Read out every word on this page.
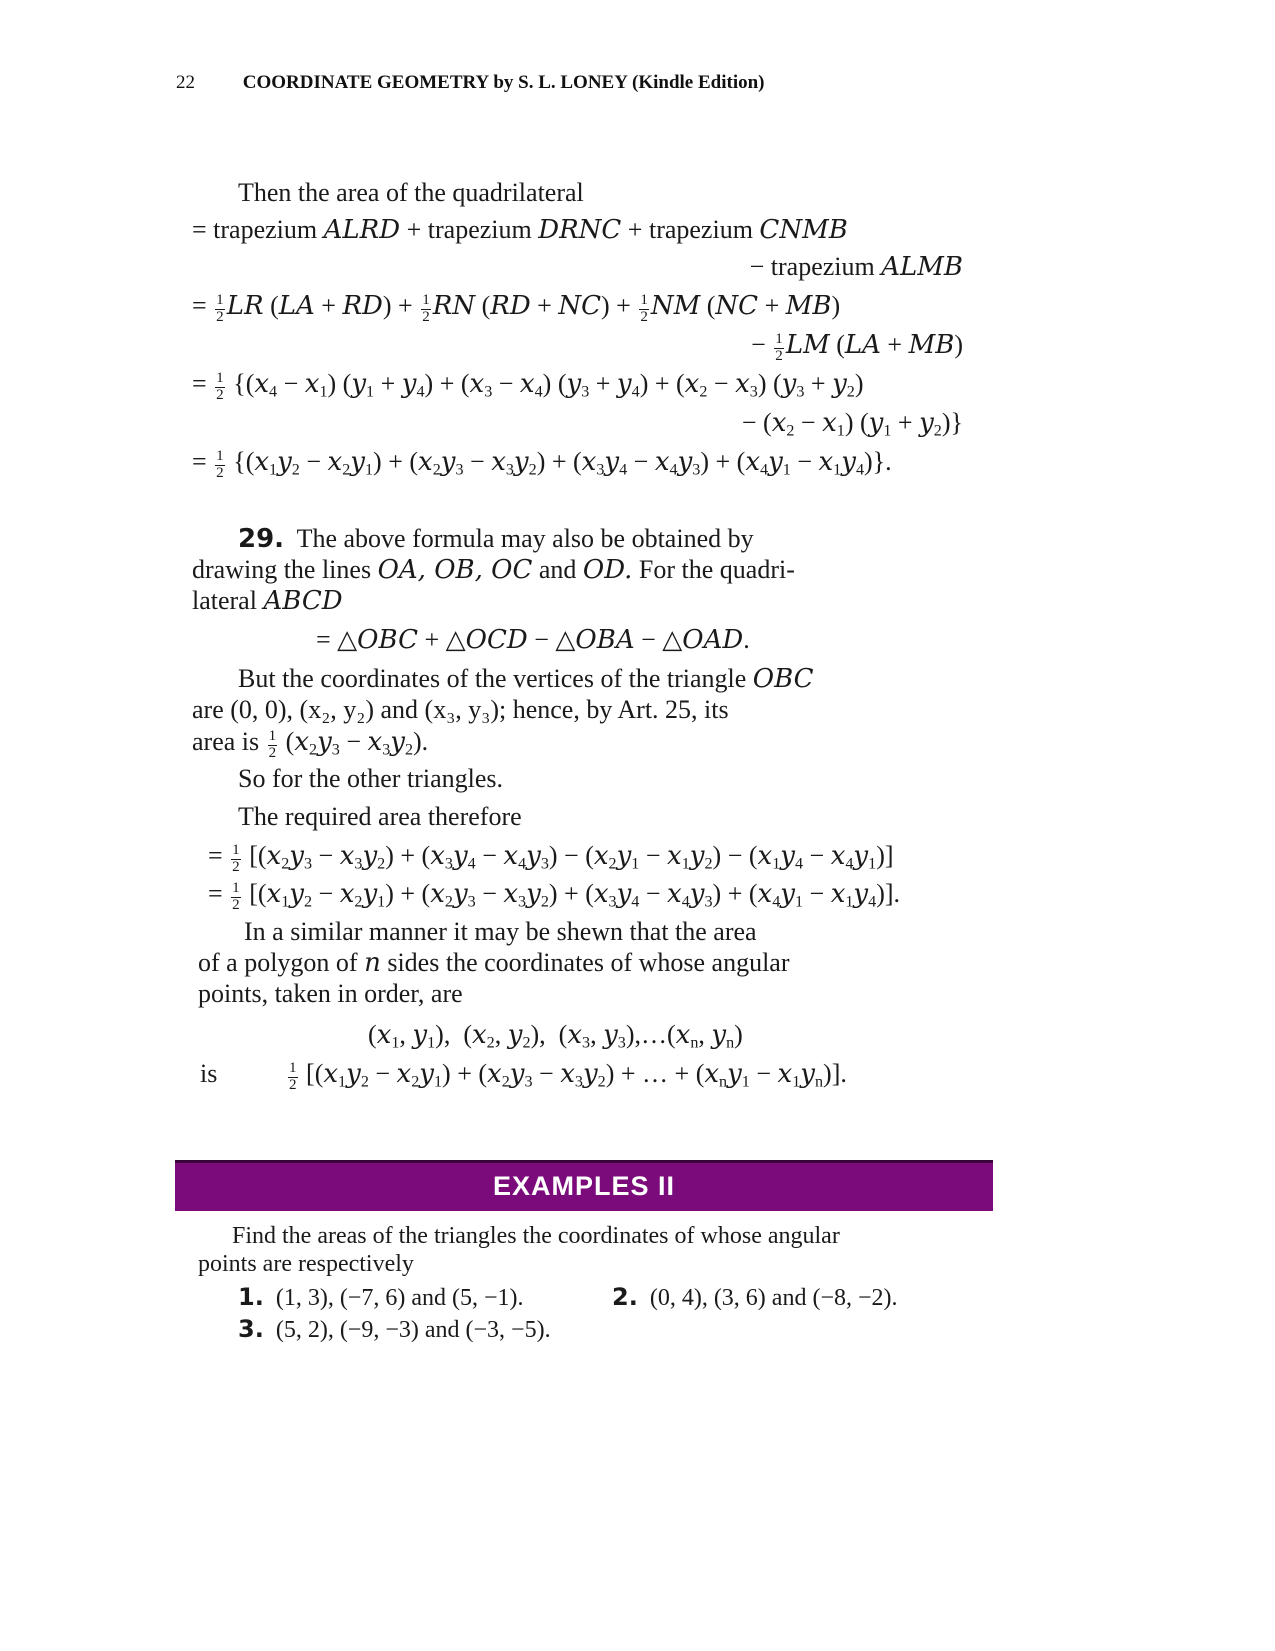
22	COORDINATE GEOMETRY by S. L. LONEY (Kindle Edition)
Then the area of the quadrilateral
= trapezium ALRD + trapezium DRNC + trapezium CNMB
− trapezium ALMB
= $\frac{1}{2}$ LR $(LA + RD) + \frac{1}{2}$ RN $(RD + NC) + \frac{1}{2}$ NM (NC + MB)
− $\frac{1}{2}$ LM (LA + MB)
= $\frac{1}{2} \{(x_4 - x_1) (y_1 + y_4) + (x_3 - x_4) (y_3 + y_4) + (x_2 - x_3) (y_3 + y_2)$
− $(x_2 - x_1) (y_1 + y_2)$}
= $\frac{1}{2} \{(x_1y_2 - x_2y_1) + (x_2y_3 - x_3y_2) + (x_3y_4 - x_4y_3) + (x_4y_1 - x_1y_4)\}$.
29. The above formula may also be obtained by
drawing the lines OA, OB, OC and OD. For the quadri-
lateral ABCD
= △OBC + △OCD − △OBA − △OAD.
But the coordinates of the vertices of the triangle OBC
are (0, 0), (x₂, y₂) and (x₃, y₃); hence, by Art. 25, its
area is $\frac{1}{2} (x_2y_3 - x_3y_2)$.
So for the other triangles.
The required area therefore
= $\frac{1}{2} [(x_2y_3 - x_3y_2) + (x_3y_4 - x_4y_3) - (x_2y_1 - x_1y_2) - (x_1y_4 - x_4y_1)]$
= $\frac{1}{2} [(x_1y_2 - x_2y_1) + (x_2y_3 - x_3y_2) + (x_3y_4 - x_4y_3) + (x_4y_1 - x_1y_4)]$.
In a similar manner it may be shewn that the area
of a polygon of n sides the coordinates of whose angular
points, taken in order, are
($x_1$, $y_1$),  ($x_2$, $y_2$),  ($x_3$, $y_3),\dots(x_n$, $y_n$)
is	$\frac{1}{2} [(x_1y_2 - x_2y_1) + (x_2y_3 - x_3y_2)$ + … + $(x_ny_1 - x_1y_n)$].
EXAMPLES II
Find the areas of the triangles the coordinates of whose angular
points are respectively
1. (1, 3), (−7, 6) and (5, −1).	2. (0, 4), (3, 6) and (−8, −2).
3. (5, 2), (−9, −3) and (−3, −5).
